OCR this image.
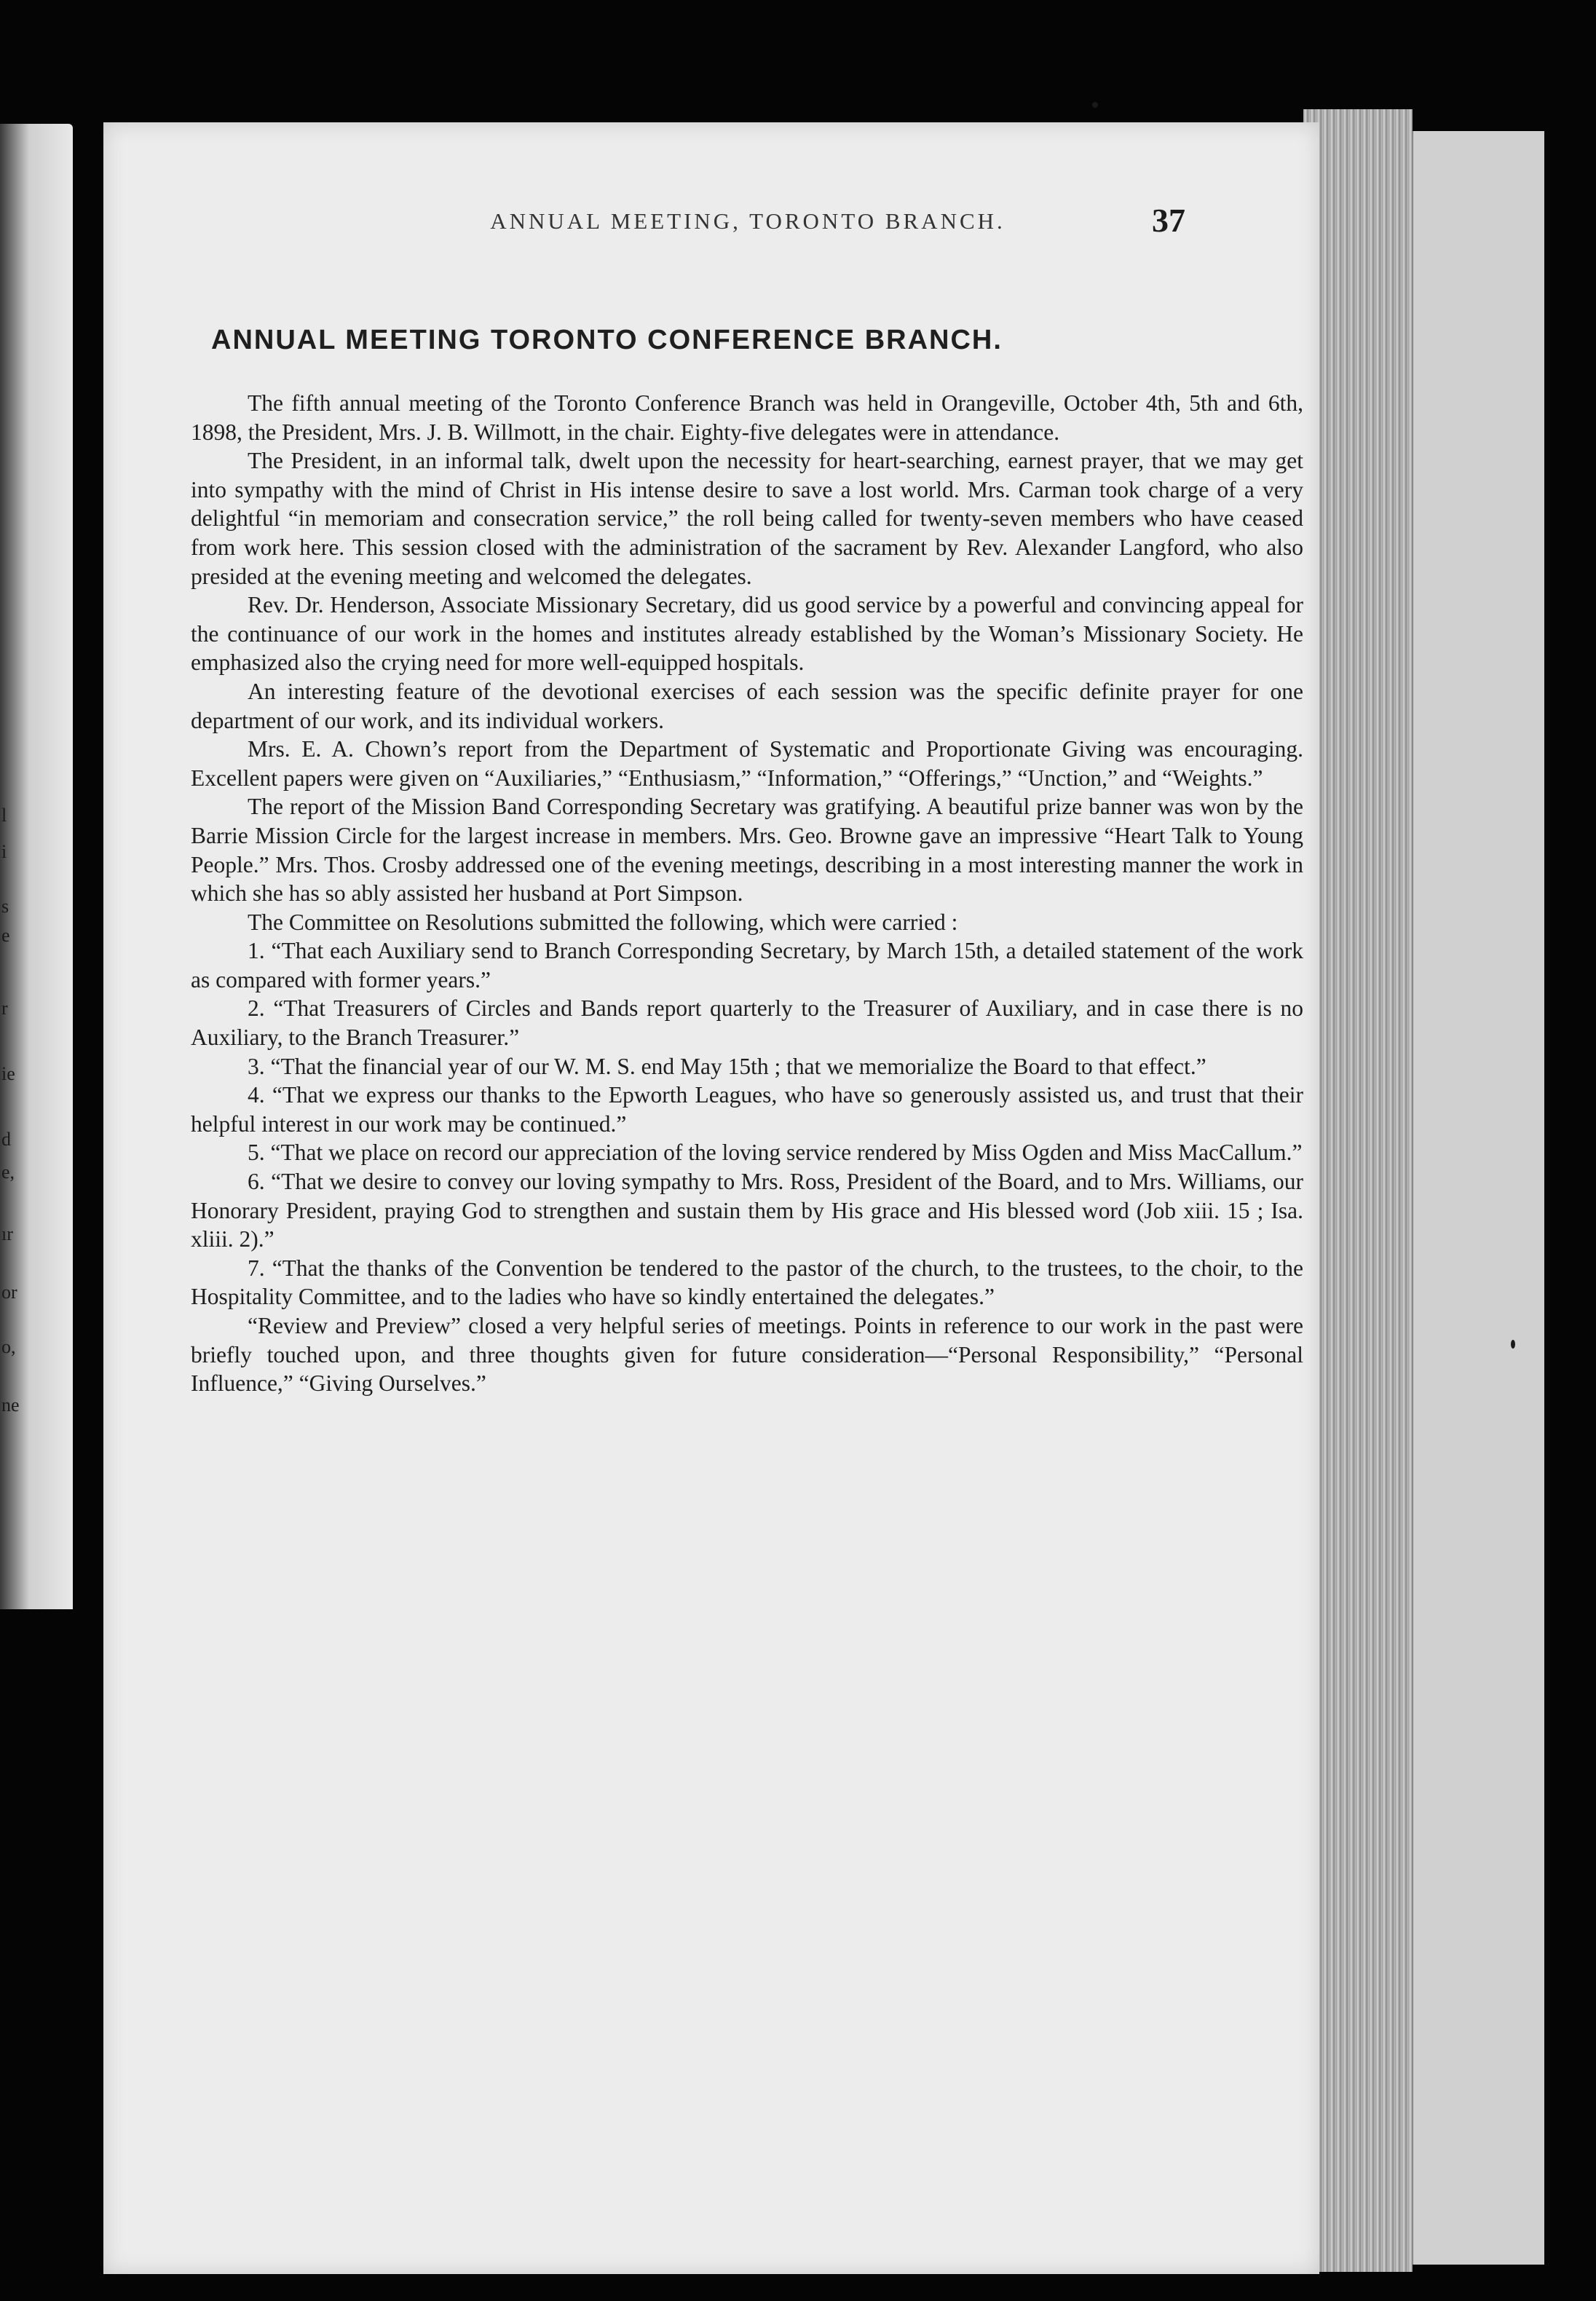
l
i
s
e
r
ie
d
e,
ır
or
o,
ne
ANNUAL MEETING, TORONTO BRANCH.	37
ANNUAL MEETING TORONTO CONFERENCE BRANCH.

The fifth annual meeting of the Toronto Conference Branch was held in Orangeville, October 4th, 5th and 6th, 1898, the President, Mrs. J. B. Willmott, in the chair. Eighty-five delegates were in attendance.

The President, in an informal talk, dwelt upon the necessity for heart-searching, earnest prayer, that we may get into sympathy with the mind of Christ in His intense desire to save a lost world. Mrs. Carman took charge of a very delightful “in memoriam and consecration service,” the roll being called for twenty-seven members who have ceased from work here. This session closed with the administration of the sacrament by Rev. Alexander Langford, who also presided at the evening meeting and welcomed the delegates.

Rev. Dr. Henderson, Associate Missionary Secretary, did us good service by a powerful and convincing appeal for the continuance of our work in the homes and institutes already established by the Woman’s Missionary Society. He emphasized also the crying need for more well-equipped hospitals.

An interesting feature of the devotional exercises of each session was the specific definite prayer for one department of our work, and its individual workers.

Mrs. E. A. Chown’s report from the Department of Systematic and Proportionate Giving was encouraging. Excellent papers were given on “Auxiliaries,” “Enthusiasm,” “Information,” “Offerings,” “Unction,” and “Weights.”

The report of the Mission Band Corresponding Secretary was gratifying. A beautiful prize banner was won by the Barrie Mission Circle for the largest increase in members. Mrs. Geo. Browne gave an impressive “Heart Talk to Young People.” Mrs. Thos. Crosby addressed one of the evening meetings, describing in a most interesting manner the work in which she has so ably assisted her husband at Port Simpson.

The Committee on Resolutions submitted the following, which were carried :

1. “That each Auxiliary send to Branch Corresponding Secretary, by March 15th, a detailed statement of the work as compared with former years.”

2. “That Treasurers of Circles and Bands report quarterly to the Treasurer of Auxiliary, and in case there is no Auxiliary, to the Branch Treasurer.”

3. “That the financial year of our W. M. S. end May 15th ; that we memorialize the Board to that effect.”

4. “That we express our thanks to the Epworth Leagues, who have so generously assisted us, and trust that their helpful interest in our work may be continued.”

5. “That we place on record our appreciation of the loving service rendered by Miss Ogden and Miss MacCallum.”

6. “That we desire to convey our loving sympathy to Mrs. Ross, President of the Board, and to Mrs. Williams, our Honorary President, praying God to strengthen and sustain them by His grace and His blessed word (Job xiii. 15 ; Isa. xliii. 2).”

7. “That the thanks of the Convention be tendered to the pastor of the church, to the trustees, to the choir, to the Hospitality Committee, and to the ladies who have so kindly entertained the delegates.”

“Review and Preview” closed a very helpful series of meetings. Points in reference to our work in the past were briefly touched upon, and three thoughts given for future consideration—“Personal Responsibility,” “Personal Influence,” “Giving Ourselves.”
